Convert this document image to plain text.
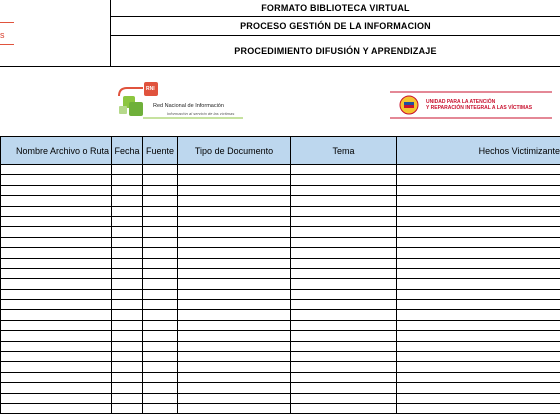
s
FORMATO BIBLIOTECA VIRTUAL
PROCESO GESTIÓN DE LA INFORMACION
PROCEDIMIENTO DIFUSIÓN Y APRENDIZAJE
RNI
Red Nacional de Información
Información al servicio de las víctimas
UNIDAD PARA LA ATENCIÓN
Y REPARACIÓN INTEGRAL A LAS VÍCTIMAS
Nombre Archivo o Ruta	Fecha	Fuente	Tipo de Documento	Tema	Hechos Victimizante
